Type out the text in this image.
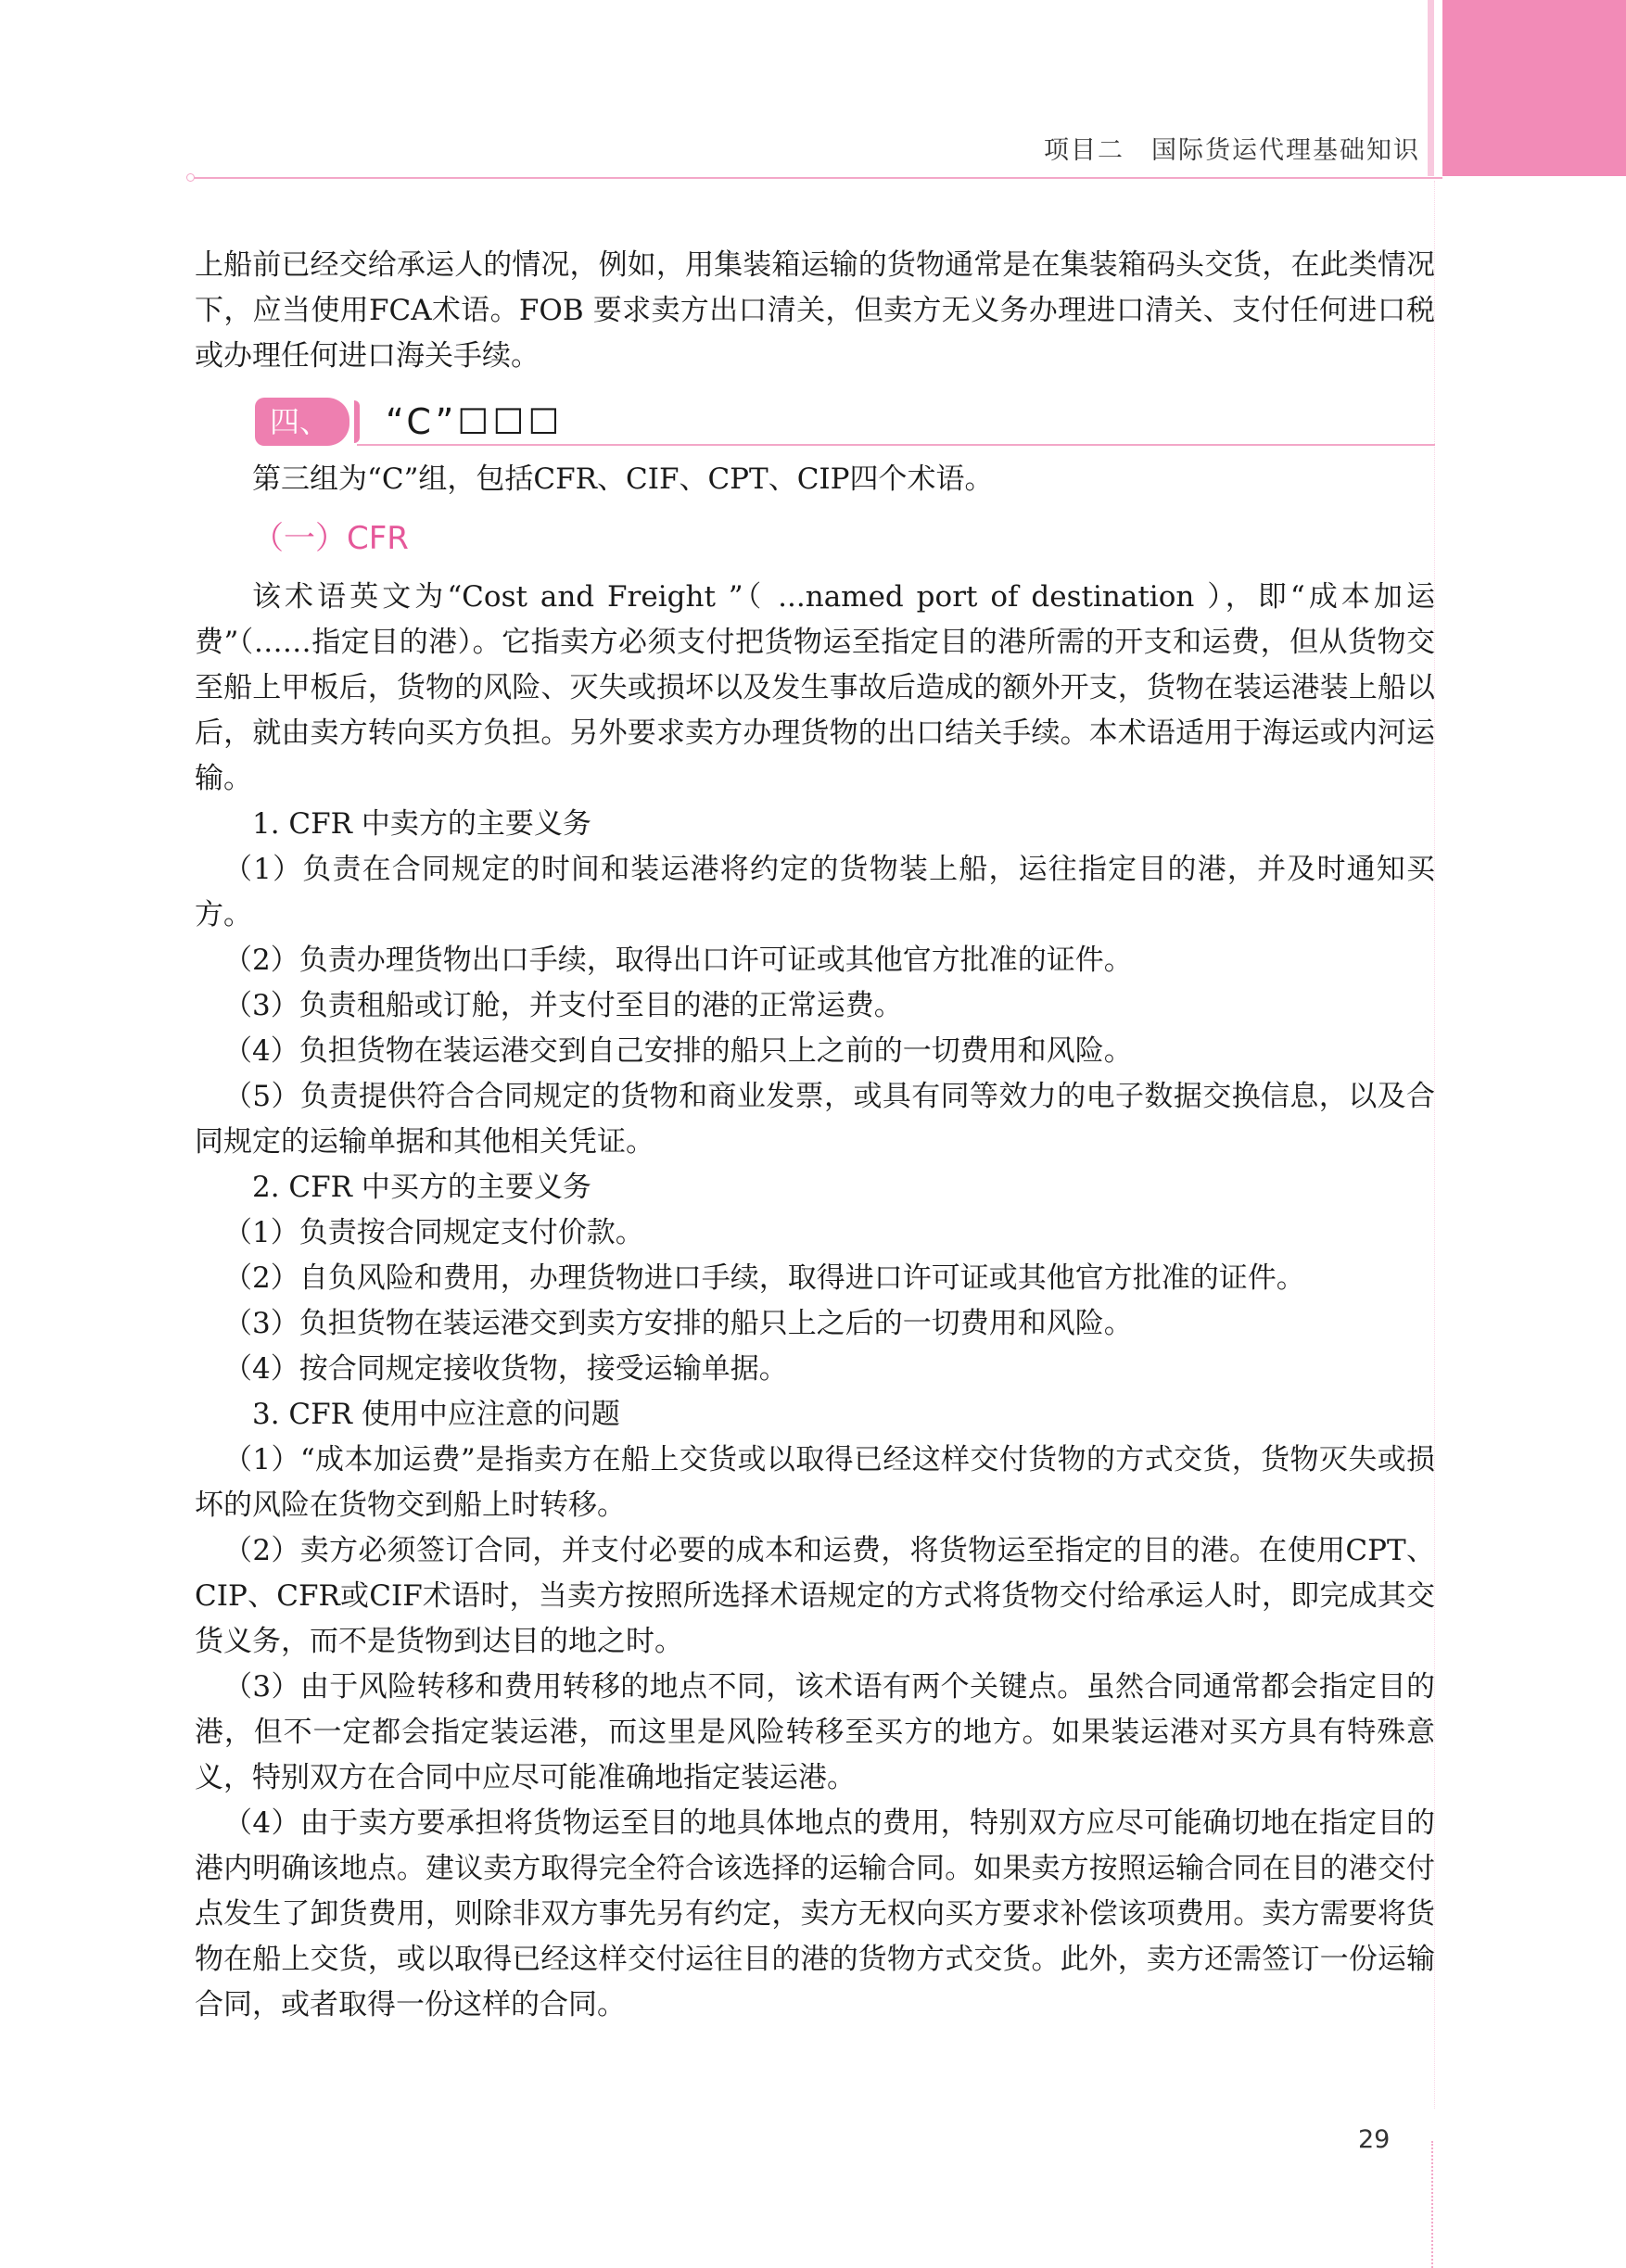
项目二　国际货运代理基础知识

上船前已经交给承运人的情况，例如，用集装箱运输的货物通常是在集装箱码头交货，在此类情况下，应当使用FCA术语。FOB 要求卖方出口清关，但卖方无义务办理进口清关、支付任何进口税或办理任何进口海关手续。

四、	“C”☐☐☐

第三组为“C”组，包括CFR、CIF、CPT、CIP四个术语。

（一）CFR

该术语英文为“Cost and Freight ”（ ...named port of destination ），即“成本加运费”（……指定目的港）。它指卖方必须支付把货物运至指定目的港所需的开支和运费，但从货物交至船上甲板后，货物的风险、灭失或损坏以及发生事故后造成的额外开支，货物在装运港装上船以后，就由卖方转向买方负担。另外要求卖方办理货物的出口结关手续。本术语适用于海运或内河运输。

1. CFR 中卖方的主要义务

（1）负责在合同规定的时间和装运港将约定的货物装上船，运往指定目的港，并及时通知买方。

（2）负责办理货物出口手续，取得出口许可证或其他官方批准的证件。

（3）负责租船或订舱，并支付至目的港的正常运费。

（4）负担货物在装运港交到自己安排的船只上之前的一切费用和风险。

（5）负责提供符合合同规定的货物和商业发票，或具有同等效力的电子数据交换信息，以及合同规定的运输单据和其他相关凭证。

2. CFR 中买方的主要义务

（1）负责按合同规定支付价款。

（2）自负风险和费用，办理货物进口手续，取得进口许可证或其他官方批准的证件。

（3）负担货物在装运港交到卖方安排的船只上之后的一切费用和风险。

（4）按合同规定接收货物，接受运输单据。

3. CFR 使用中应注意的问题

（1）“成本加运费”是指卖方在船上交货或以取得已经这样交付货物的方式交货，货物灭失或损坏的风险在货物交到船上时转移。

（2）卖方必须签订合同，并支付必要的成本和运费，将货物运至指定的目的港。在使用CPT、CIP、CFR或CIF术语时，当卖方按照所选择术语规定的方式将货物交付给承运人时，即完成其交货义务，而不是货物到达目的地之时。

（3）由于风险转移和费用转移的地点不同，该术语有两个关键点。虽然合同通常都会指定目的港，但不一定都会指定装运港，而这里是风险转移至买方的地方。如果装运港对买方具有特殊意义，特别双方在合同中应尽可能准确地指定装运港。

（4）由于卖方要承担将货物运至目的地具体地点的费用，特别双方应尽可能确切地在指定目的港内明确该地点。建议卖方取得完全符合该选择的运输合同。如果卖方按照运输合同在目的港交付点发生了卸货费用，则除非双方事先另有约定，卖方无权向买方要求补偿该项费用。卖方需要将货物在船上交货，或以取得已经这样交付运往目的港的货物方式交货。此外，卖方还需签订一份运输合同，或者取得一份这样的合同。

29
